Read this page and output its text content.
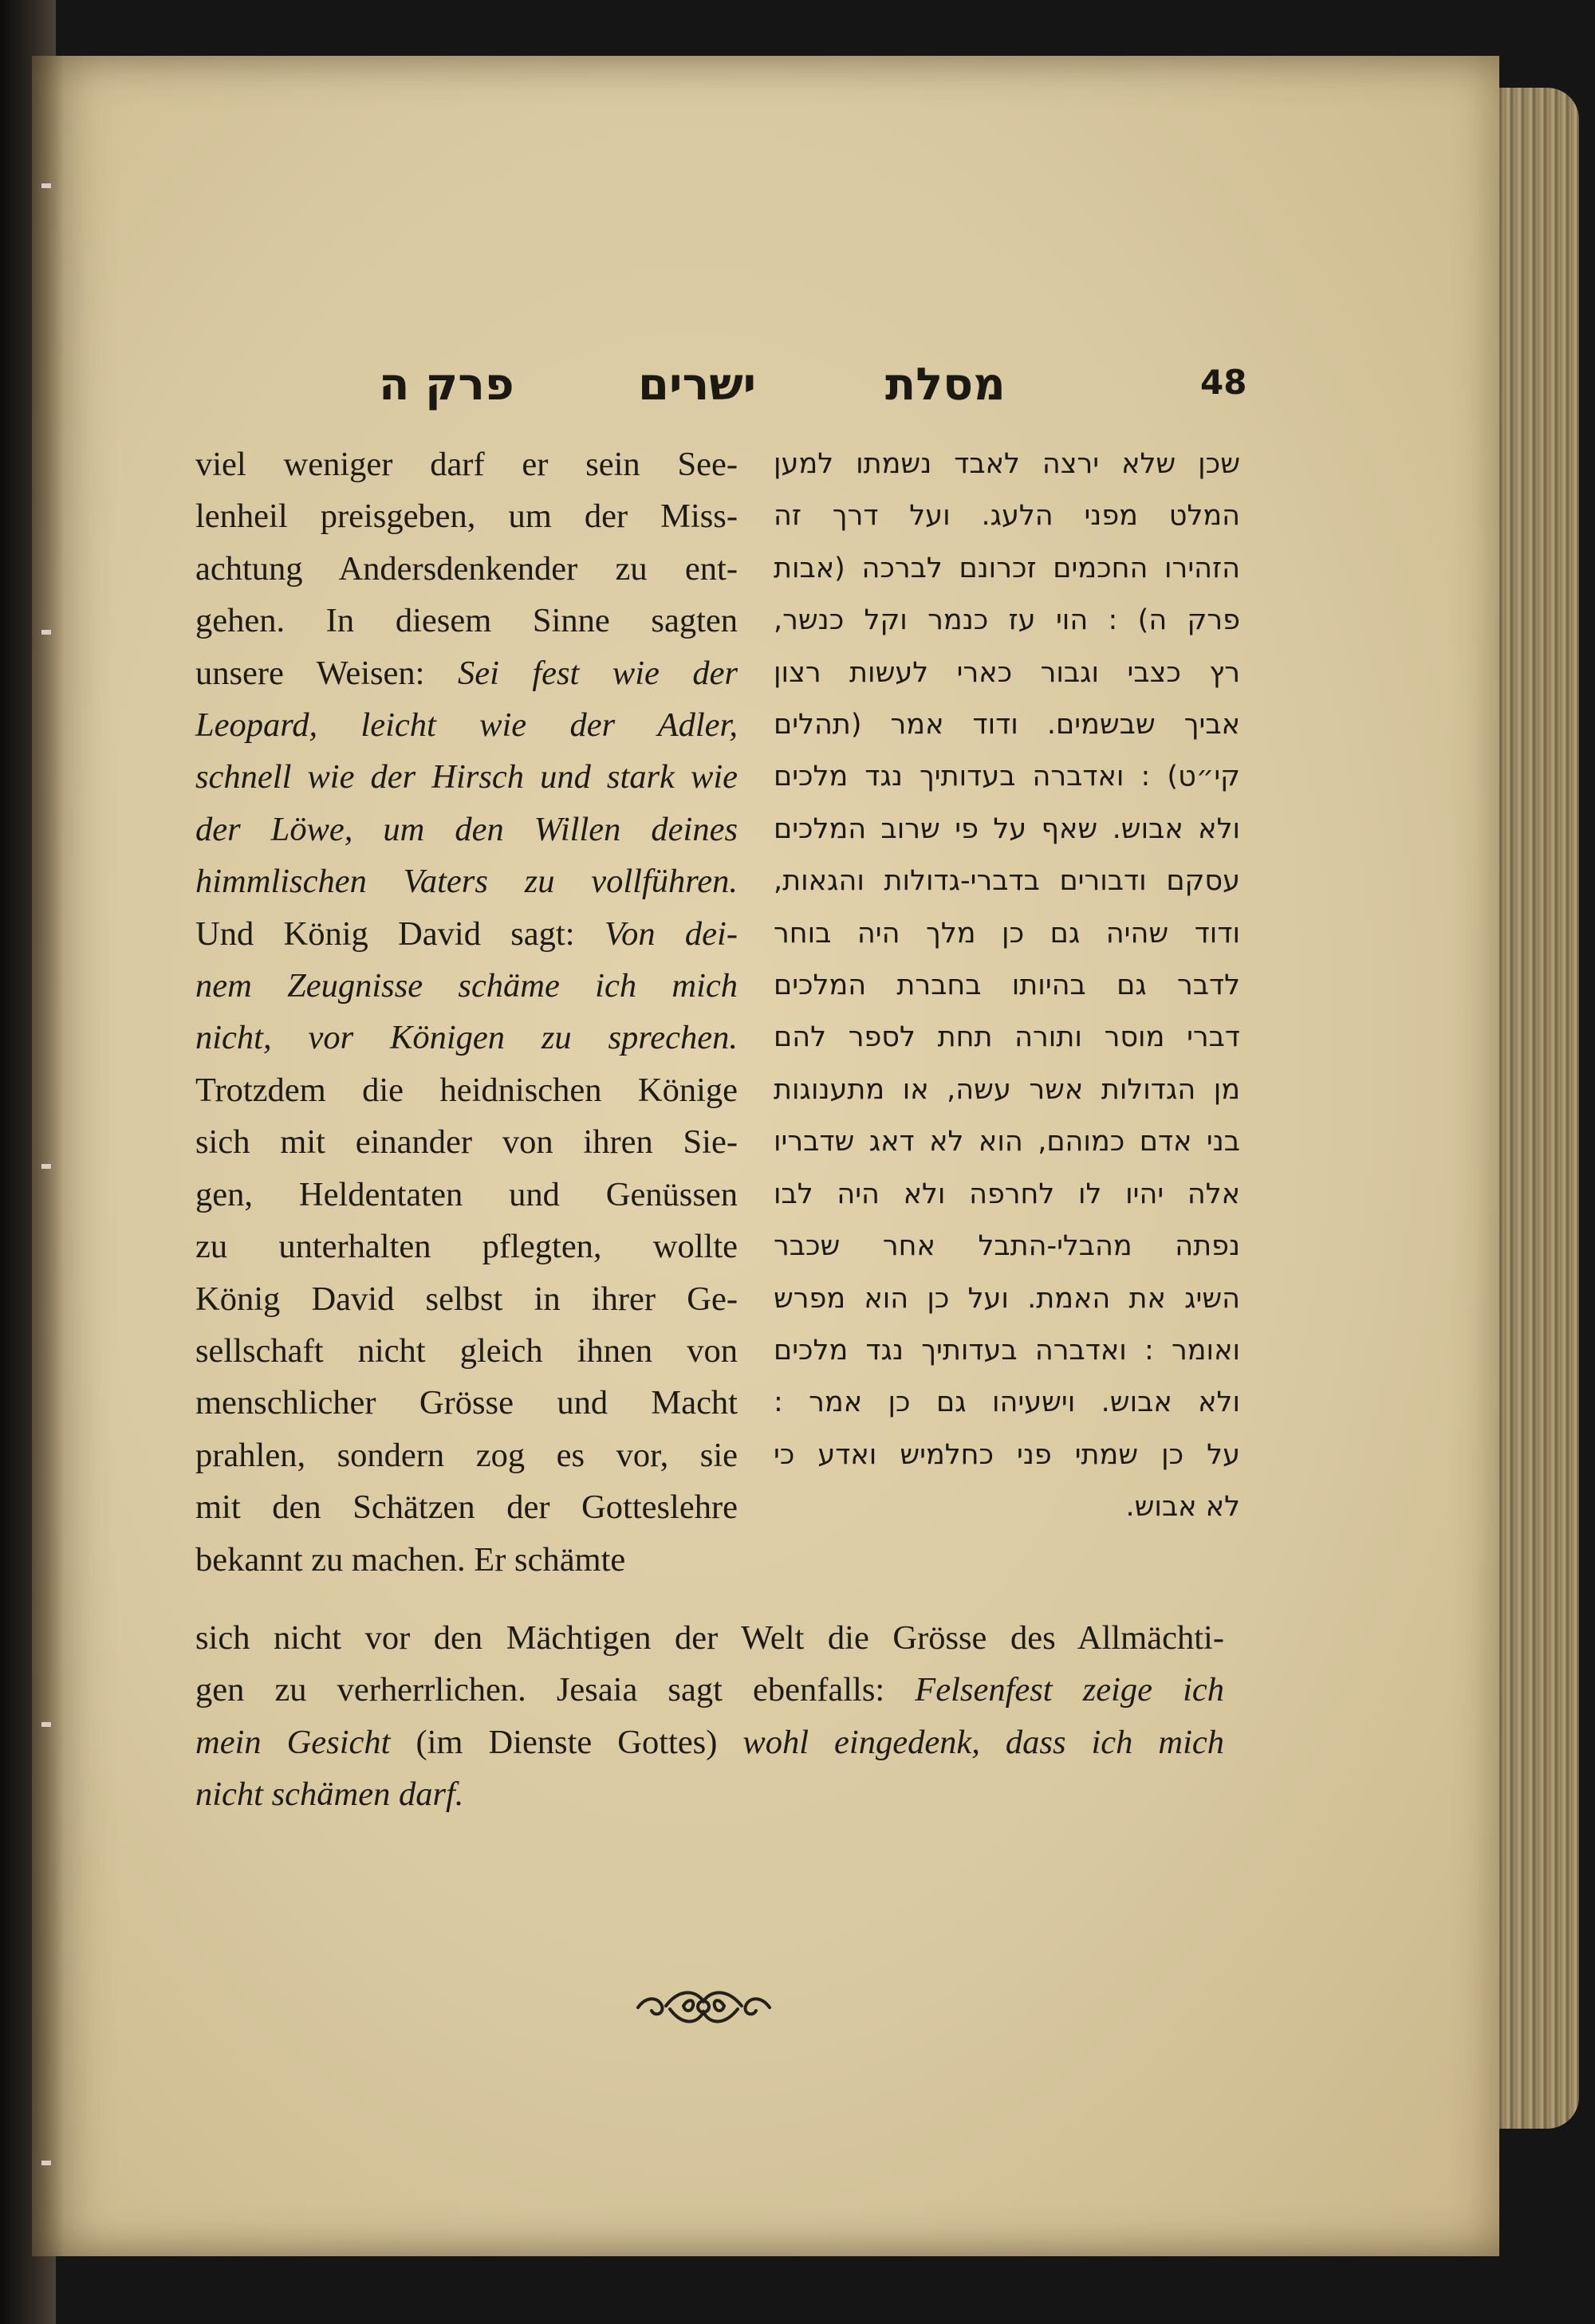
48
מסלת
ישרים
פרק ה
viel weniger darf er sein See-
lenheil preisgeben, um der Miss-
achtung Andersdenkender zu ent-
gehen. In diesem Sinne sagten
unsere Weisen: Sei fest wie der
Leopard, leicht wie der Adler,
schnell wie der Hirsch und stark wie
der Löwe, um den Willen deines
himmlischen Vaters zu vollführen.
Und König David sagt: Von dei-
nem Zeugnisse schäme ich mich
nicht, vor Königen zu sprechen.
Trotzdem die heidnischen Könige
sich mit einander von ihren Sie-
gen, Heldentaten und Genüssen
zu unterhalten pflegten, wollte
König David selbst in ihrer Ge-
sellschaft nicht gleich ihnen von
menschlicher Grösse und Macht
prahlen, sondern zog es vor, sie
mit den Schätzen der Gotteslehre
bekannt zu machen. Er schämte
שכן שלא ירצה לאבד נשמתו למען
המלט מפני הלעג. ועל דרך זה
הזהירו החכמים זכרונם לברכה (אבות
פרק ה) : הוי עז כנמר וקל כנשר,
רץ כצבי וגבור כארי לעשות רצון
אביך שבשמים. ודוד אמר (תהלים
קי״ט) : ואדברה בעדותיך נגד מלכים
ולא אבוש. שאף על פי שרוב המלכים
עסקם ודבורים בדברי-גדולות והגאות,
ודוד שהיה גם כן מלך היה בוחר
לדבר גם בהיותו בחברת המלכים
דברי מוסר ותורה תחת לספר להם
מן הגדולות אשר עשה, או מתענוגות
בני אדם כמוהם, הוא לא דאג שדבריו
אלה יהיו לו לחרפה ולא היה לבו
נפתה מהבלי-התבל אחר שכבר
השיג את האמת. ועל כן הוא מפרש
ואומר : ואדברה בעדותיך נגד מלכים
ולא אבוש. וישעיהו גם כן אמר :
על כן שמתי פני כחלמיש ואדע כי
לא אבוש.
sich nicht vor den Mächtigen der Welt die Grösse des Allmächti-
gen zu verherrlichen. Jesaia sagt ebenfalls: Felsenfest zeige ich
mein Gesicht (im Dienste Gottes) wohl eingedenk, dass ich mich
nicht schämen darf.
